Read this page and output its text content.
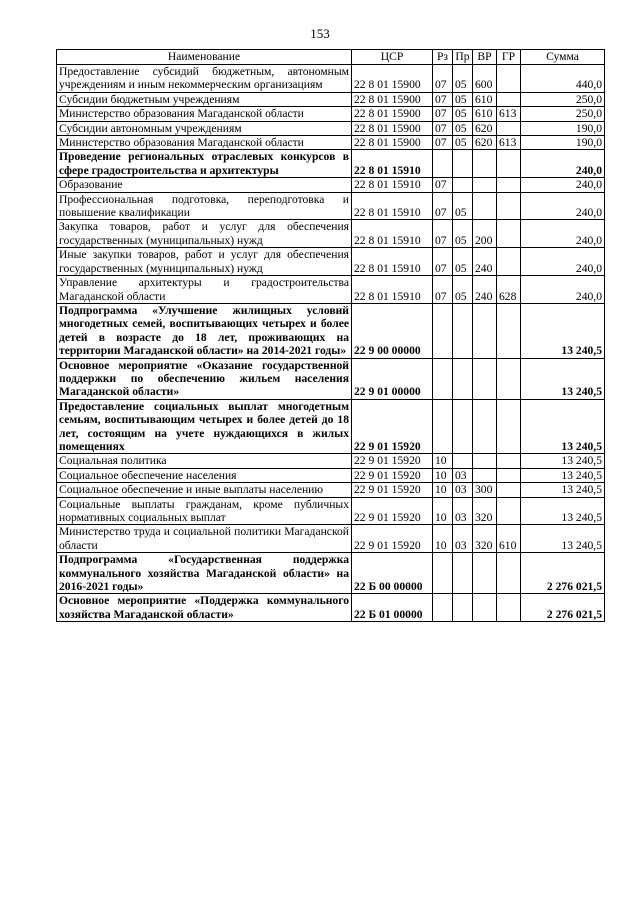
153
Наименование	ЦСР	Рз	Пр	ВР	ГР	Сумма
Предоставление субсидий бюджетным, автономным учреждениям и иным некоммерческим организациям	22 8 01 15900	07	05	600		440,0
Субсидии бюджетным учреждениям	22 8 01 15900	07	05	610		250,0
Министерство образования Магаданской области	22 8 01 15900	07	05	610	613	250,0
Субсидии автономным учреждениям	22 8 01 15900	07	05	620		190,0
Министерство образования Магаданской области	22 8 01 15900	07	05	620	613	190,0
Проведение региональных отраслевых конкурсов в сфере градостроительства и архитектуры	22 8 01 15910					240,0
Образование	22 8 01 15910	07				240,0
Профессиональная подготовка, переподготовка и повышение квалификации	22 8 01 15910	07	05			240,0
Закупка товаров, работ и услуг для обеспечения государственных (муниципальных) нужд	22 8 01 15910	07	05	200		240,0
Иные закупки товаров, работ и услуг для обеспечения государственных (муниципальных) нужд	22 8 01 15910	07	05	240		240,0
Управление архитектуры и градостроительства Магаданской области	22 8 01 15910	07	05	240	628	240,0
Подпрограмма «Улучшение жилищных условий многодетных семей, воспитывающих четырех и более детей в возрасте до 18 лет, проживающих на территории Магаданской области» на 2014-2021 годы»	22 9 00 00000					13 240,5
Основное мероприятие «Оказание государственной поддержки по обеспечению жильем населения Магаданской области»	22 9 01 00000					13 240,5
Предоставление социальных выплат многодетным семьям, воспитывающим четырех и более детей до 18 лет, состоящим на учете нуждающихся в жилых помещениях	22 9 01 15920					13 240,5
Социальная политика	22 9 01 15920	10				13 240,5
Социальное обеспечение населения	22 9 01 15920	10	03			13 240,5
Социальное обеспечение и иные выплаты населению	22 9 01 15920	10	03	300		13 240,5
Социальные выплаты гражданам, кроме публичных нормативных социальных выплат	22 9 01 15920	10	03	320		13 240,5
Министерство труда и социальной политики Магаданской области	22 9 01 15920	10	03	320	610	13 240,5
Подпрограмма «Государственная поддержка коммунального хозяйства Магаданской области» на 2016-2021 годы»	22 Б 00 00000					2 276 021,5
Основное мероприятие «Поддержка коммунального хозяйства Магаданской области»	22 Б 01 00000					2 276 021,5
